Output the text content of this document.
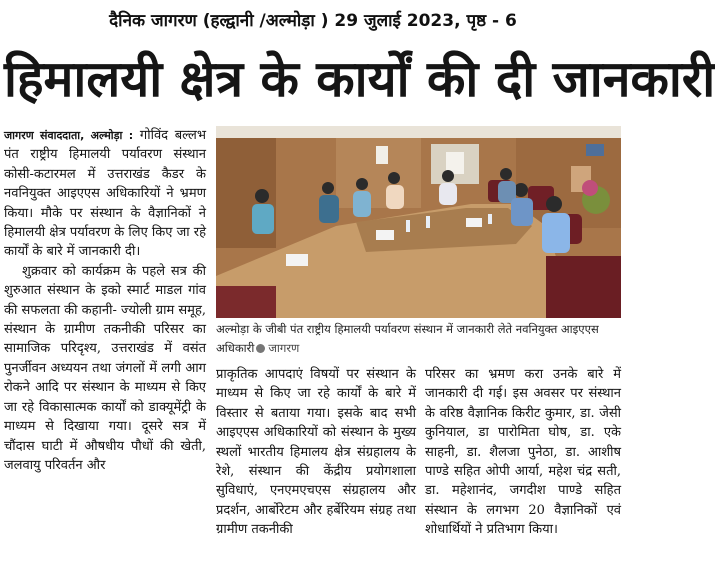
दैनिक जागरण (हल्द्वानी /अल्मोड़ा ) 29 जुलाई 2023, पृष्ठ - 6
हिमालयी क्षेत्र के कार्यों की दी जानकारी

जागरण संवाददाता, अल्मोड़ा : गोविंद बल्लभ पंत राष्ट्रीय हिमालयी पर्यावरण संस्थान कोसी-कटारमल में उत्तराखंड कैडर के नवनियुक्त आइएएस अधिकारियों ने भ्रमण किया। मौके पर संस्थान के वैज्ञानिकों ने हिमालयी क्षेत्र पर्यावरण के लिए किए जा रहे कार्यों के बारे में जानकारी दी।

शुक्रवार को कार्यक्रम के पहले सत्र की शुरुआत संस्थान के इको स्मार्ट माडल गांव की सफलता की कहानी- ज्योली ग्राम समूह, संस्थान के ग्रामीण तकनीकी परिसर का सामाजिक परिदृश्य, उत्तराखंड में वसंत पुनर्जीवन अध्ययन तथा जंगलों में लगी आग रोकने आदि पर संस्थान के माध्यम से किए जा रहे विकासात्मक कार्यों को डाक्यूमेंट्री के माध्यम से दिखाया गया। दूसरे सत्र में चौंदास घाटी में औषधीय पौधों की खेती, जलवायु परिवर्तन और

अल्मोड़ा के जीबी पंत राष्ट्रीय हिमालयी पर्यावरण संस्थान में जानकारी लेते नवनियुक्त आइएएस अधिकारी जागरण

प्राकृतिक आपदाएं विषयों पर संस्थान के माध्यम से किए जा रहे कार्यों के बारे में विस्तार से बताया गया। इसके बाद सभी आइएएस अधिकारियों को संस्थान के मुख्य स्थलों भारतीय हिमालय क्षेत्र संग्रहालय के रेशे, संस्थान की केंद्रीय प्रयोगशाला सुविधाएं, एनएमएचएस संग्रहालय और प्रदर्शन, आर्बोरेटम और हर्बेरियम संग्रह तथा ग्रामीण तकनीकी

परिसर का भ्रमण करा उनके बारे में जानकारी दी गई। इस अवसर पर संस्थान के वरिष्ठ वैज्ञानिक किरीट कुमार, डा. जेसी कुनियाल, डा पारोमिता घोष, डा. एके साहनी, डा. शैलजा पुनेठा, डा. आशीष पाण्डे सहित ओपी आर्या, महेश चंद्र सती, डा. महेशानंद, जगदीश पाण्डे सहित संस्थान के लगभग 20 वैज्ञानिकों एवं शोधार्थियों ने प्रतिभाग किया।
